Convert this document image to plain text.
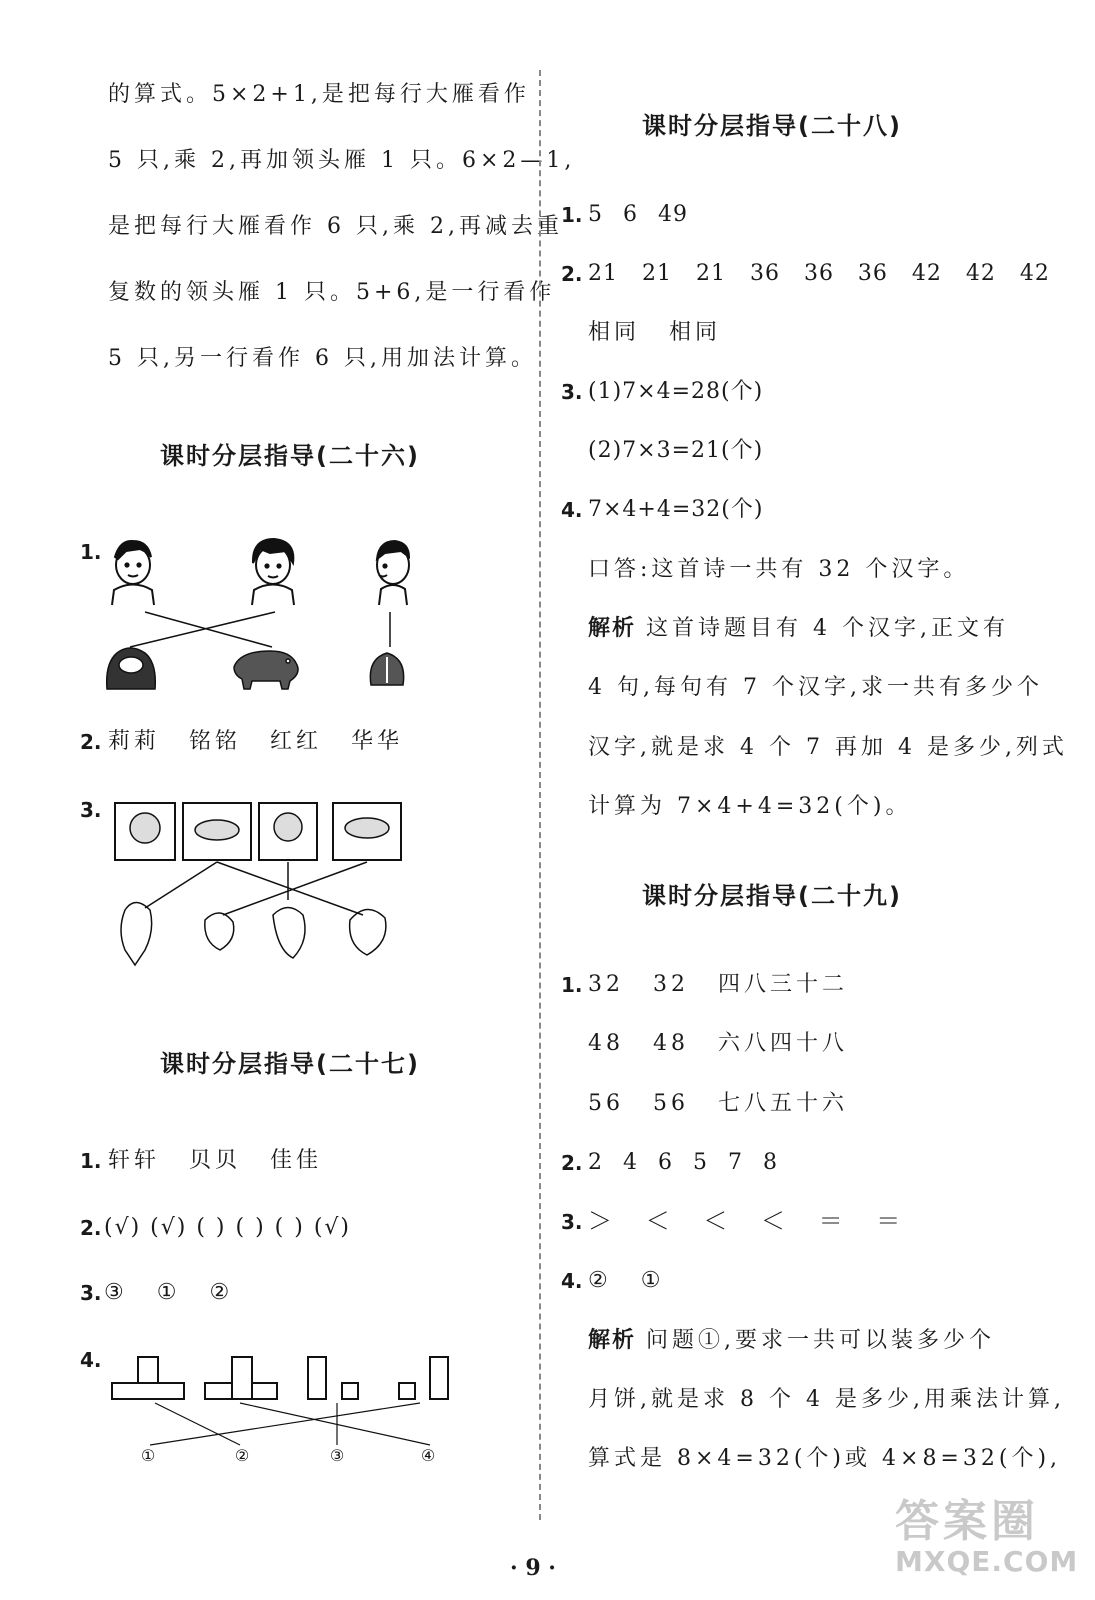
的算式。5×2+1,是把每行大雁看作
5 只,乘 2,再加领头雁 1 只。6×2—1,
是把每行大雁看作 6 只,乘 2,再减去重
复数的领头雁 1 只。5+6,是一行看作
5 只,另一行看作 6 只,用加法计算。
课时分层指导(二十六)
1.
2. 莉莉 铭铭 红红 华华
3.
课时分层指导(二十七)
1. 轩轩 贝贝 佳佳
2. (√) (√) ( ) ( ) ( ) (√)
3. ③ ① ②
4.
①	②	③	④
课时分层指导(二十八)
1. 5 6 49
2. 21 21 21 36 36 36 42 42 42
相同 相同
3. (1)7×4=28(个)
(2)7×3=21(个)
4. 7×4+4=32(个)
口答:这首诗一共有 32 个汉字。
解析 这首诗题目有 4 个汉字,正文有
4 句,每句有 7 个汉字,求一共有多少个
汉字,就是求 4 个 7 再加 4 是多少,列式
计算为 7×4+4=32(个)。
课时分层指导(二十九)
1. 32 32 四八三十二
48 48 六八四十八
56 56 七八五十六
2. 2 4 6 5 7 8
3. ＞ ＜ ＜ ＜ ＝ ＝
4. ② ①
解析 问题①,要求一共可以装多少个
月饼,就是求 8 个 4 是多少,用乘法计算,
算式是 8×4=32(个)或 4×8=32(个),
· 9 ·
答案圈
MXQE.COM
